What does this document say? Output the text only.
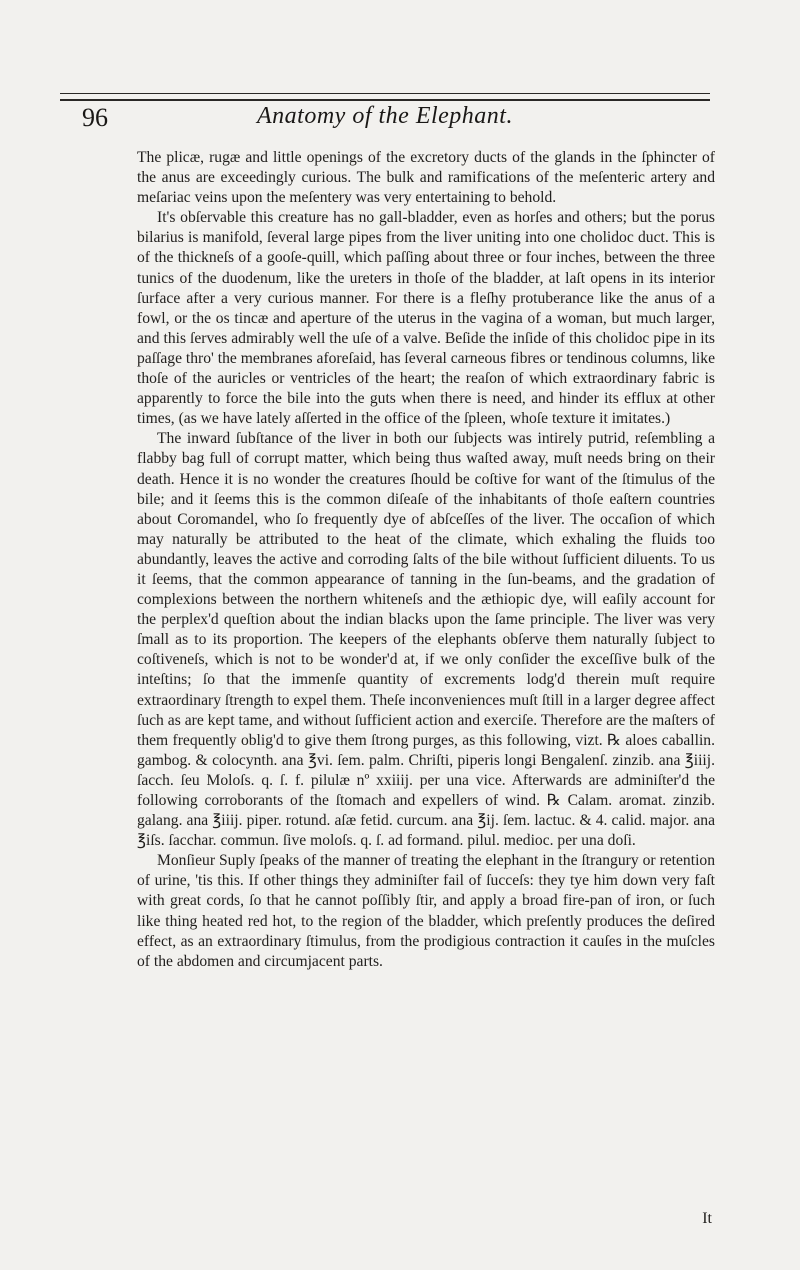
96	Anatomy of the Elephant.

The plicæ, rugæ and little openings of the excretory ducts of the glands in the ſphincter of the anus are exceedingly curious. The bulk and ramifications of the meſenteric artery and meſariac veins upon the meſentery was very entertaining to behold.

It's obſervable this creature has no gall-bladder, even as horſes and others; but the porus bilarius is manifold, ſeveral large pipes from the liver uniting into one cholidoc duct. This is of the thickneſs of a gooſe-quill, which paſſing about three or four inches, between the three tunics of the duodenum, like the ureters in thoſe of the bladder, at laſt opens in its interior ſurface after a very curious manner. For there is a fleſhy protuberance like the anus of a fowl, or the os tincæ and aperture of the uterus in the vagina of a woman, but much larger, and this ſerves admirably well the uſe of a valve. Beſide the inſide of this cholidoc pipe in its paſſage thro' the membranes aforeſaid, has ſeveral carneous fibres or tendinous columns, like thoſe of the auricles or ventricles of the heart; the reaſon of which extraordinary fabric is apparently to force the bile into the guts when there is need, and hinder its efflux at other times, (as we have lately aſſerted in the office of the ſpleen, whoſe texture it imitates.)

The inward ſubſtance of the liver in both our ſubjects was intirely putrid, reſembling a flabby bag full of corrupt matter, which being thus waſted away, muſt needs bring on their death. Hence it is no wonder the creatures ſhould be coſtive for want of the ſtimulus of the bile; and it ſeems this is the common diſeaſe of the inhabitants of thoſe eaſtern countries about Coromandel, who ſo frequently dye of abſceſſes of the liver. The occaſion of which may naturally be attributed to the heat of the climate, which exhaling the fluids too abundantly, leaves the active and corroding ſalts of the bile without ſufficient diluents. To us it ſeems, that the common appearance of tanning in the ſun-beams, and the gradation of complexions between the northern whiteneſs and the æthiopic dye, will eaſily account for the perplex'd queſtion about the indian blacks upon the ſame principle. The liver was very ſmall as to its proportion. The keepers of the elephants obſerve them naturally ſubject to coſtiveneſs, which is not to be wonder'd at, if we only conſider the exceſſive bulk of the inteſtins; ſo that the immenſe quantity of excrements lodg'd therein muſt require extraordinary ſtrength to expel them. Theſe inconveniences muſt ſtill in a larger degree affect ſuch as are kept tame, and without ſufficient action and exerciſe. Therefore are the maſters of them frequently oblig'd to give them ſtrong purges, as this following, vizt. ℞ aloes caballin. gambog. & colocynth. ana ℥vi. ſem. palm. Chriſti, piperis longi Bengalenſ. zinzib. ana ℥iiij. ſacch. ſeu Moloſs. q. ſ. f. pilulæ nº xxiiij. per una vice. Afterwards are adminiſter'd the following corroborants of the ſtomach and expellers of wind. ℞ Calam. aromat. zinzib. galang. ana ℥iiij. piper. rotund. aſæ fetid. curcum. ana ℥ij. ſem. lactuc. & 4. calid. major. ana ℥iſs. ſacchar. commun. ſive moloſs. q. ſ. ad formand. pilul. medioc. per una doſi.

Monſieur Suply ſpeaks of the manner of treating the elephant in the ſtrangury or retention of urine, 'tis this. If other things they adminiſter fail of ſucceſs: they tye him down very faſt with great cords, ſo that he cannot poſſibly ſtir, and apply a broad fire-pan of iron, or ſuch like thing heated red hot, to the region of the bladder, which preſently produces the deſired effect, as an extraordinary ſtimulus, from the prodigious contraction it cauſes in the muſcles of the abdomen and circumjacent parts.

It
